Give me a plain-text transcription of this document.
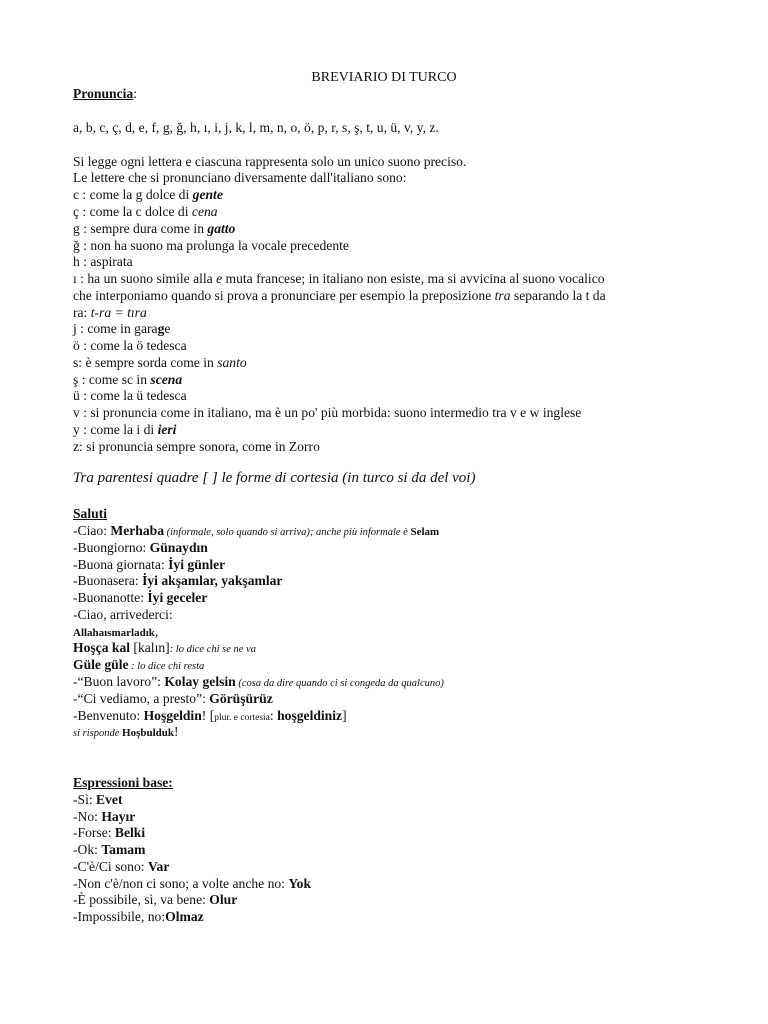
BREVIARIO DI TURCO
Pronuncia:
a, b, c, ç, d, e, f, g, ğ, h, ı, i, j, k, l, m, n, o, ö, p, r, s, ş, t, u, ü, v, y, z.
Si legge ogni lettera e ciascuna rappresenta solo un unico suono preciso.
Le lettere che si pronunciano diversamente dall'italiano sono:
c : come la g dolce di gente
ç : come la c dolce di cena
g : sempre dura come in gatto
ğ : non ha suono ma prolunga la vocale precedente
h : aspirata
ı : ha un suono simile alla e muta francese; in italiano non esiste, ma si avvicina al suono vocalico
che interponiamo quando si prova a pronunciare per esempio la preposizione tra separando la t da
ra: t-ra = tıra
j : come in garage
ö : come la ö tedesca
s: è sempre sorda come in santo
ş : come sc in scena
ü : come la ü tedesca
v : si pronuncia come in italiano, ma è un po' più morbida: suono intermedio tra v e w inglese
y : come la i di ieri
z: si pronuncia sempre sonora, come in Zorro
Tra parentesi quadre [ ] le forme di cortesia (in turco si da del voi)
Saluti
-Ciao: Merhaba (informale, solo quando si arriva); anche più informale è Selam
-Buongiorno: Günaydın
-Buona giornata: İyi günler
-Buonasera: İyi akşamlar, yakşamlar
-Buonanotte: İyi geceler
-Ciao, arrivederci:
Allahaısmarladık,
Hoşça kal [kalın]: lo dice chi se ne va
Güle güle : lo dice chi resta
-“Buon lavoro”: Kolay gelsin (cosa da dire quando ci si congeda da qualcuno)
-“Ci vediamo, a presto”: Görüşürüz
-Benvenuto: Hoşgeldin! [plur. e cortesia: hoşgeldiniz]
si risponde Hoşbulduk!
Espressioni base:
-Sì: Evet
-No: Hayır
-Forse: Belki
-Ok: Tamam
-C'è/Ci sono: Var
-Non c'è/non ci sono; a volte anche no: Yok
-È possibile, sì, va bene: Olur
-Impossibile, no:Olmaz
